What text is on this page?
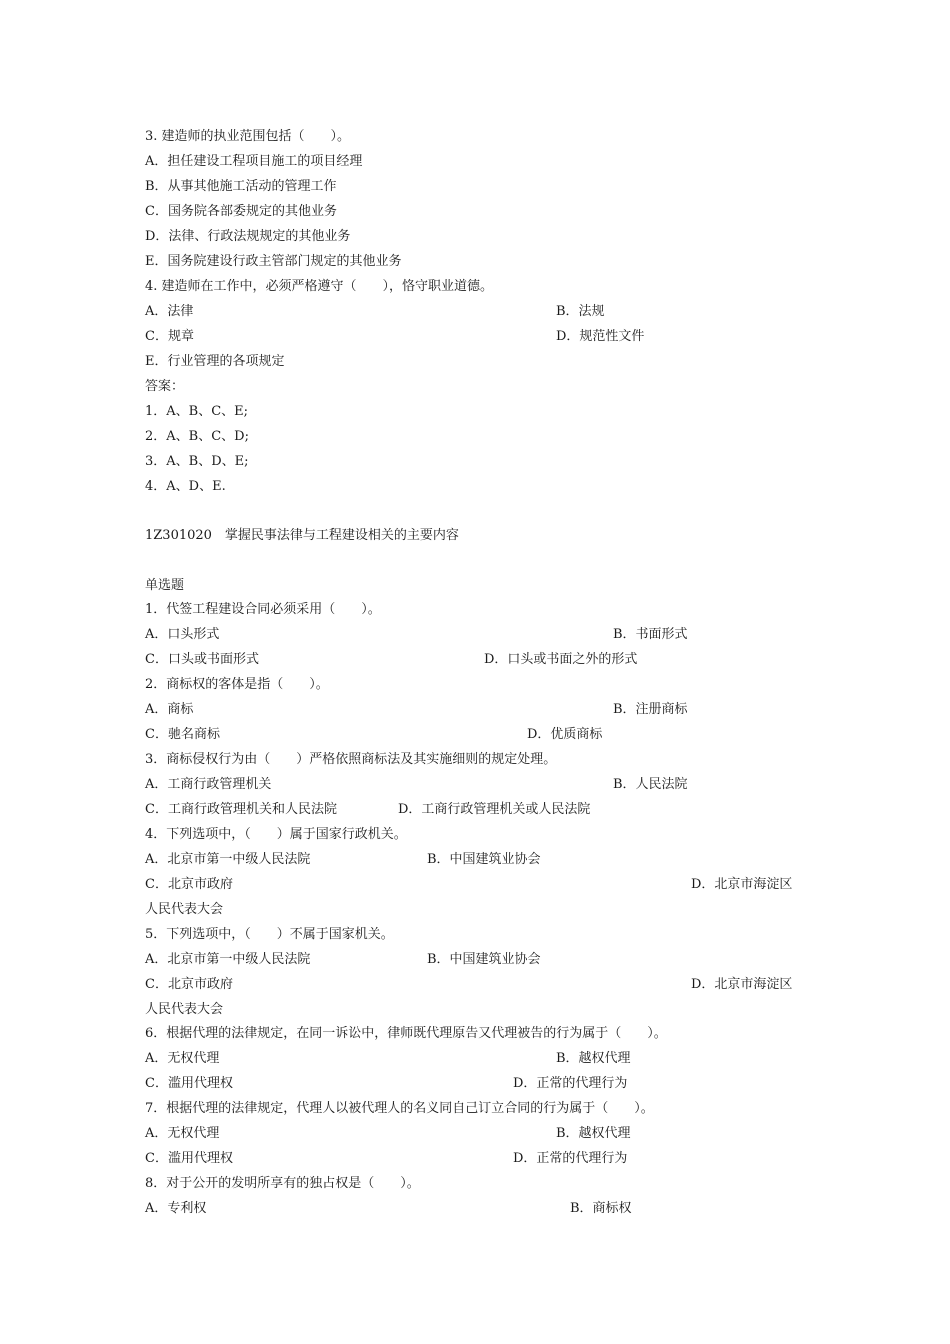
3. 建造师的执业范围包括（　　）。
A．担任建设工程项目施工的项目经理
B．从事其他施工活动的管理工作
C．国务院各部委规定的其他业务
D．法律、行政法规规定的其他业务
E．国务院建设行政主管部门规定的其他业务
4. 建造师在工作中，必须严格遵守（　　），恪守职业道德。
A．法律	B．法规
C．规章	D．规范性文件
E．行业管理的各项规定
答案：
1．A、B、C、E;
2．A、B、C、D;
3．A、B、D、E;
4．A、D、E.
1Z301020　掌握民事法律与工程建设相关的主要内容
单选题
1．代签工程建设合同必须采用（　　）。
A．口头形式	B．书面形式
C．口头或书面形式	D．口头或书面之外的形式
2．商标权的客体是指（　　）。
A．商标	B．注册商标
C．驰名商标	D．优质商标
3．商标侵权行为由（　　）严格依照商标法及其实施细则的规定处理。
A．工商行政管理机关	B．人民法院
C．工商行政管理机关和人民法院	D．工商行政管理机关或人民法院
4．下列选项中，（　　）属于国家行政机关。
A．北京市第一中级人民法院	B．中国建筑业协会
C．北京市政府	D．北京市海淀区
人民代表大会
5．下列选项中，（　　）不属于国家机关。
A．北京市第一中级人民法院	B．中国建筑业协会
C．北京市政府	D．北京市海淀区
人民代表大会
6．根据代理的法律规定，在同一诉讼中，律师既代理原告又代理被告的行为属于（　　）。
A．无权代理	B．越权代理
C．滥用代理权	D．正常的代理行为
7．根据代理的法律规定，代理人以被代理人的名义同自己订立合同的行为属于（　　）。
A．无权代理	B．越权代理
C．滥用代理权	D．正常的代理行为
8．对于公开的发明所享有的独占权是（　　）。
A．专利权	B．商标权
